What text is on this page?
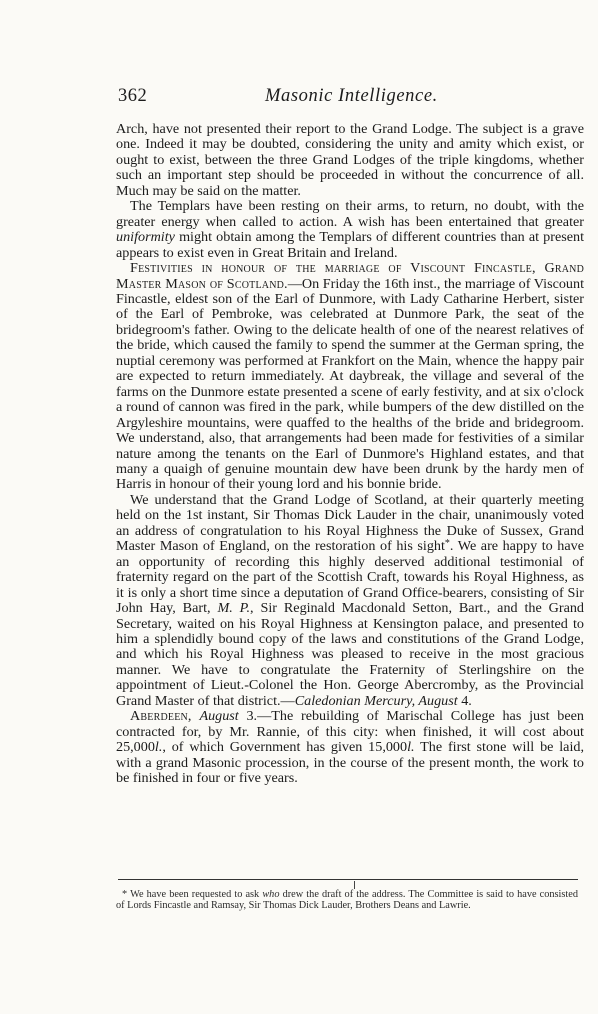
362	Masonic Intelligence.

Arch, have not presented their report to the Grand Lodge. The subject is a grave one. Indeed it may be doubted, considering the unity and amity which exist, or ought to exist, between the three Grand Lodges of the triple kingdoms, whether such an important step should be proceeded in without the concurrence of all. Much may be said on the matter.

The Templars have been resting on their arms, to return, no doubt, with the greater energy when called to action. A wish has been entertained that greater uniformity might obtain among the Templars of different countries than at present appears to exist even in Great Britain and Ireland.

Festivities in honour of the marriage of Viscount Fincastle, Grand Master Mason of Scotland.—On Friday the 16th inst., the marriage of Viscount Fincastle, eldest son of the Earl of Dunmore, with Lady Catharine Herbert, sister of the Earl of Pembroke, was celebrated at Dunmore Park, the seat of the bridegroom's father. Owing to the delicate health of one of the nearest relatives of the bride, which caused the family to spend the summer at the German spring, the nuptial ceremony was performed at Frankfort on the Main, whence the happy pair are expected to return immediately. At daybreak, the village and several of the farms on the Dunmore estate presented a scene of early festivity, and at six o'clock a round of cannon was fired in the park, while bumpers of the dew distilled on the Argyleshire mountains, were quaffed to the healths of the bride and bridegroom. We understand, also, that arrangements had been made for festivities of a similar nature among the tenants on the Earl of Dunmore's Highland estates, and that many a quaigh of genuine mountain dew have been drunk by the hardy men of Harris in honour of their young lord and his bonnie bride.

We understand that the Grand Lodge of Scotland, at their quarterly meeting held on the 1st instant, Sir Thomas Dick Lauder in the chair, unanimously voted an address of congratulation to his Royal Highness the Duke of Sussex, Grand Master Mason of England, on the restoration of his sight*. We are happy to have an opportunity of recording this highly deserved additional testimonial of fraternity regard on the part of the Scottish Craft, towards his Royal Highness, as it is only a short time since a deputation of Grand Office-bearers, consisting of Sir John Hay, Bart, M. P., Sir Reginald Macdonald Setton, Bart., and the Grand Secretary, waited on his Royal Highness at Kensington palace, and presented to him a splendidly bound copy of the laws and constitutions of the Grand Lodge, and which his Royal Highness was pleased to receive in the most gracious manner. We have to congratulate the Fraternity of Sterlingshire on the appointment of Lieut.-Colonel the Hon. George Abercromby, as the Provincial Grand Master of that district.—Caledonian Mercury, August 4.

Aberdeen, August 3.—The rebuilding of Marischal College has just been contracted for, by Mr. Rannie, of this city: when finished, it will cost about 25,000l., of which Government has given 15,000l. The first stone will be laid, with a grand Masonic procession, in the course of the present month, the work to be finished in four or five years.

* We have been requested to ask who drew the draft of the address. The Committee is said to have consisted of Lords Fincastle and Ramsay, Sir Thomas Dick Lauder, Brothers Deans and Lawrie.
